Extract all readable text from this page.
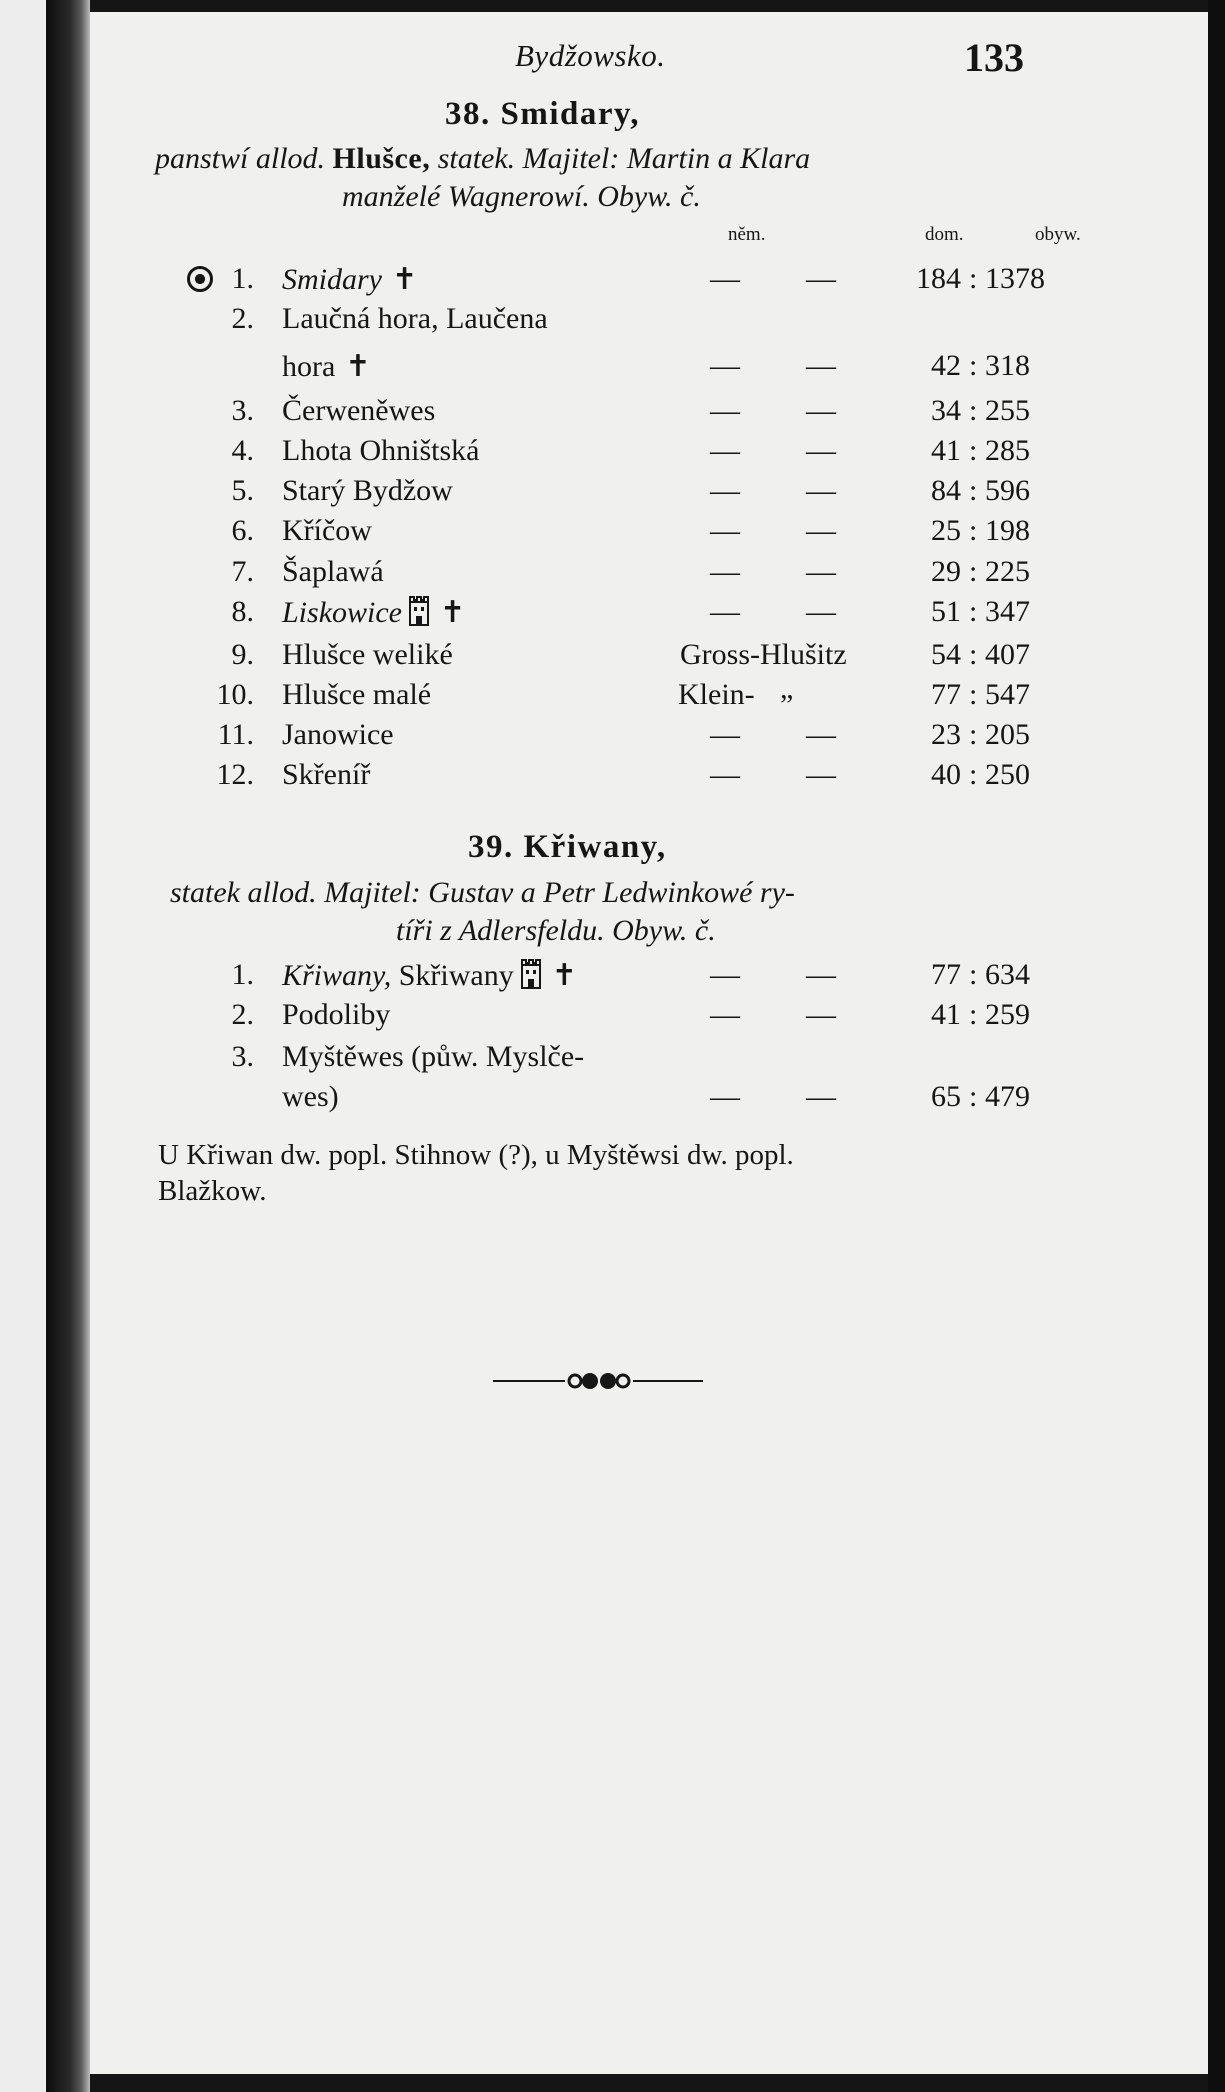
Bydžowsko.	133
38. Smidary,
panstwí allod. Hlušce, statek. Majitel: Martin a Klara
manželé Wagnerowí. Obyw. č.
něm.	dom.	obyw.
1. Smidary ✝	— —	184 : 1378
2. Laučná hora, Laučena
hora ✝	— —	42 : 318
3. Čerweněwes	— —	34 : 255
4. Lhota Ohništská	— —	41 : 285
5. Starý Bydžow	— —	84 : 596
6. Kříčow	— —	25 : 198
7. Šaplawá	— —	29 : 225
8. Liskowice ✝	— —	51 : 347
9. Hlušce weliké	Gross-Hlušitz	54 : 407
10. Hlušce malé	Klein- „	77 : 547
11. Janowice	— —	23 : 205
12. Skřeníř	— —	40 : 250
39. Křiwany,
statek allod. Majitel: Gustav a Petr Ledwinkowé ry-
tíři z Adlersfeldu. Obyw. č.
1. Křiwany, Skřiwany ✝	— —	77 : 634
2. Podoliby	— —	41 : 259
3. Myštěwes (půw. Myslče-
wes)	— —	65 : 479
U Křiwan dw. popl. Stihnow (?), u Myštěwsi dw. popl.
Blažkow.
